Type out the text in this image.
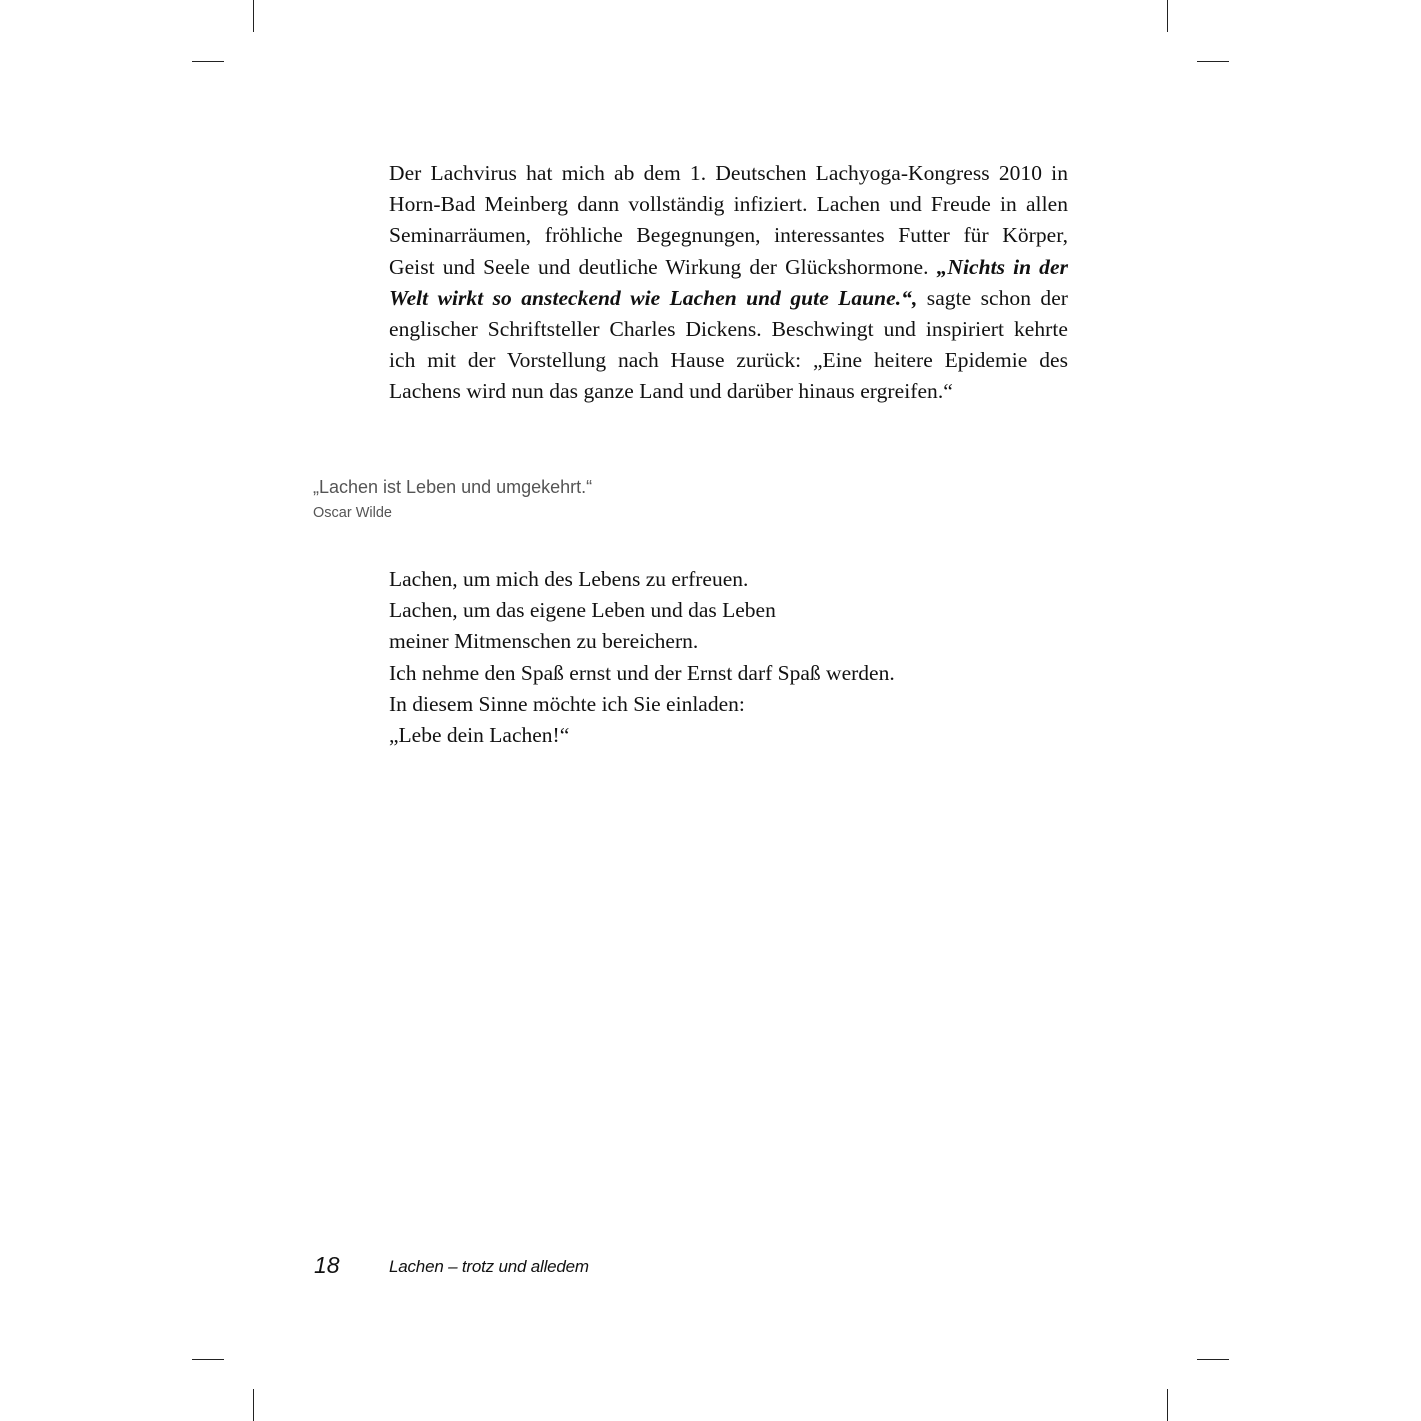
Der Lachvirus hat mich ab dem 1. Deutschen Lachyoga-Kongress 2010 in Horn-Bad Meinberg dann vollständig infiziert. Lachen und Freude in allen Seminarräumen, fröhliche Begegnungen, interessantes Futter für Körper, Geist und Seele und deutliche Wirkung der Glückshormone. „Nichts in der Welt wirkt so ansteckend wie Lachen und gute Laune.“, sagte schon der englischer Schriftsteller Charles Dickens. Beschwingt und inspiriert kehrte ich mit der Vorstellung nach Hause zurück: „Eine heitere Epidemie des Lachens wird nun das ganze Land und darüber hinaus ergreifen.“

„Lachen ist Leben und umgekehrt.“

Oscar Wilde

Lachen, um mich des Lebens zu erfreuen.
Lachen, um das eigene Leben und das Leben
meiner Mitmenschen zu bereichern.
Ich nehme den Spaß ernst und der Ernst darf Spaß werden.
In diesem Sinne möchte ich Sie einladen:
„Lebe dein Lachen!“
18	Lachen – trotz und alledem
